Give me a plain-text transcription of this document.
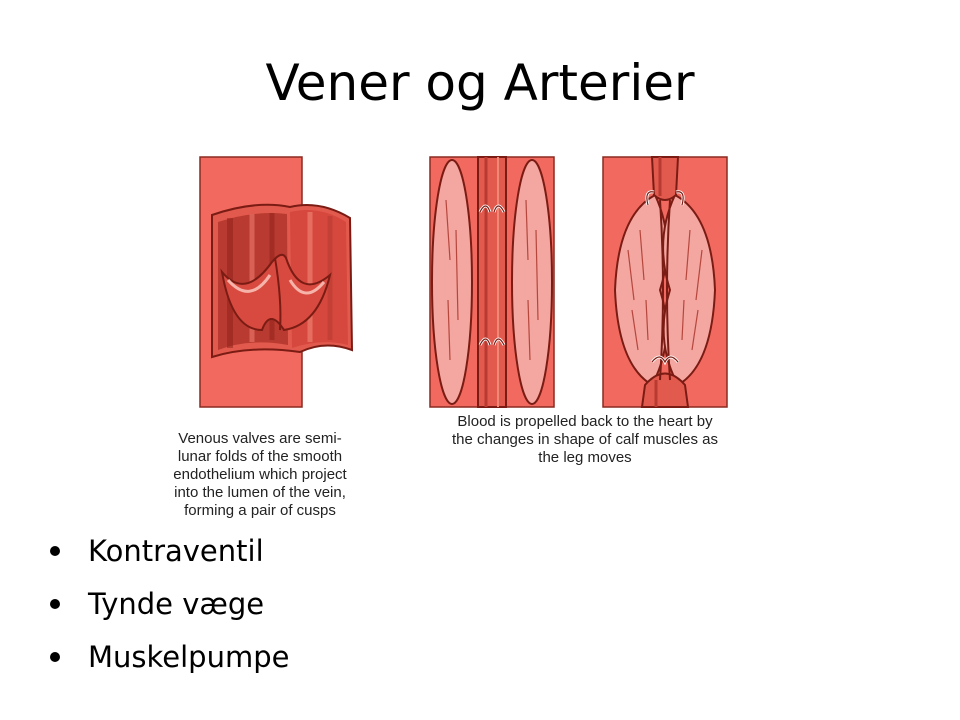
Vener og Arterier
Venous valves are semi-
lunar folds of the smooth
endothelium which project
into the lumen of the vein,
forming a pair of cusps
Blood is propelled back to the heart by
the changes in shape of calf muscles as
the leg moves
Kontraventil
Tynde væge
Muskelpumpe
